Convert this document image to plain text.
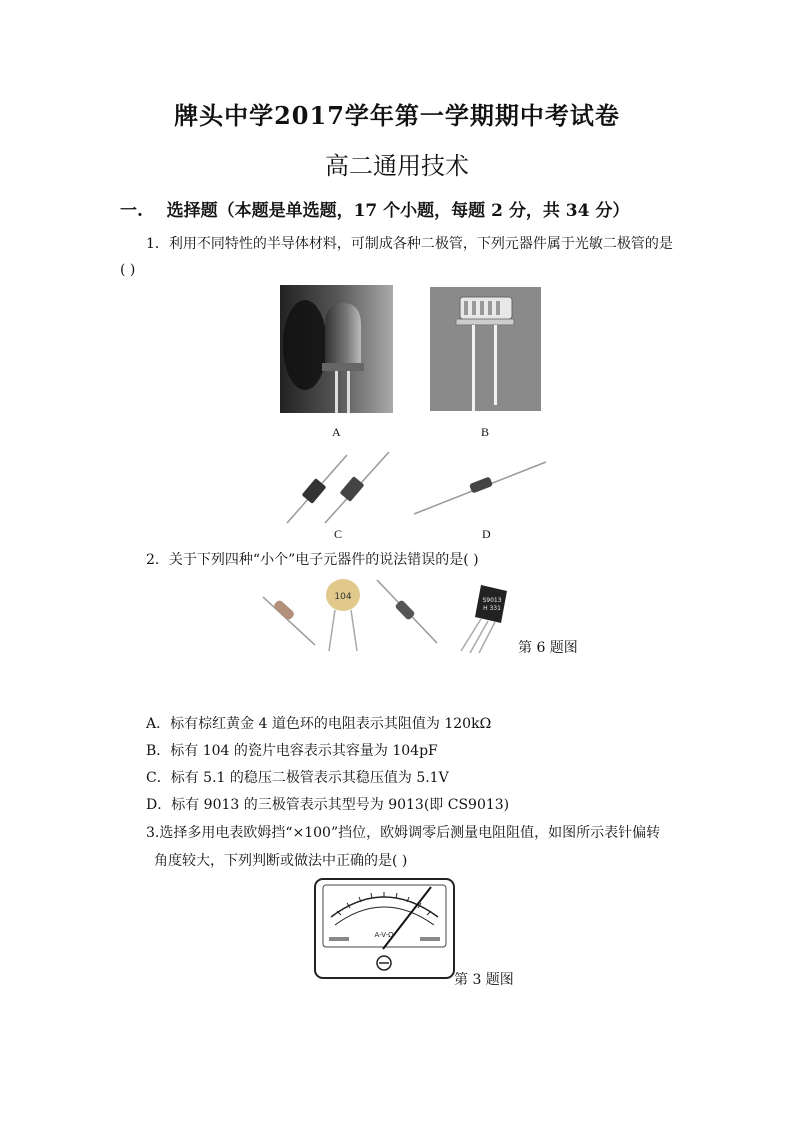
牌头中学2017学年第一学期期中考试卷
高二通用技术
一.    选择题（本题是单选题，17 个小题，每题 2 分，共 34 分）
1．利用不同特性的半导体材料，可制成各种二极管，下列元器件属于光敏二极管的是
( )
A	B
C	D
2．关于下列四种“小个”电子元器件的说法错误的是( )
104	S9013
H 331
第 6 题图
A．标有棕红黄金 4 道色环的电阻表示其阻值为 120kΩ
B．标有 104 的瓷片电容表示其容量为 104pF
C．标有 5.1 的稳压二极管表示其稳压值为 5.1V
D．标有 9013 的三极管表示其型号为 9013(即 CS9013)
3.选择多用电表欧姆挡“×100”挡位，欧姆调零后测量电阻阻值，如图所示表针偏转
角度较大，下列判断或做法中正确的是( )
A-V-Ω
第 3 题图
